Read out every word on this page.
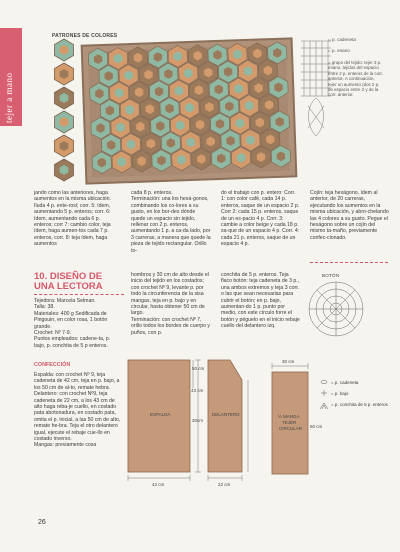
tejer a mano
PATRONES DE COLORES
= p. cadeneta
= p. enano
= grupo del tejido: tejer 3 p. enano, tejidos del espacio entre 2 p. enteros de la corr. anterior. A continuación, tejer un aumento (dos 2 p. de espacio entre 2 y de la corr. anterior.
jando como las anteriores, haga aumentos en la misma ubicación. Iluda 4 p. ente-rosl; corr. 5: ídem, aumentando 5 p. enteros; corr. 6: ídem, aumentando cada 6 p. enteros; corr 7: cambio color, teja ídem, haga aumen-tos cada 7 p. enteros, corr. 8: teja ídem, haga aumentos
cada 8 p. enteros.
Terminación: una los hexá-gonos, combinando los co-lores a su gusto, en los bor-des dónde quede un espacio sin tejido, rellenar con 2 p. enteros, aumentando 1 p. a ca-da lado, por 3 carreras, a manera que quede la pieza de tejido rectangular. Orillo to-
do el trabajo con p. entero: Corr. 1: con color café, cada 14 p. enteros, saque de un espacio 2 p. Corr 2: cada 15 p. enteros, saque de un es-pacio 4 p. Corr. 3: cambie a color beige y cada 18 p. sa-que de un espacio 4 p. Corr. 4: cada 21 p. enteros, saque de un espacio 4 p.
Cojín: teja hexágono, ídem al anterior, de 20 carreras, ejecutando los aumentos en la misma ubicación, y abro-chelando las 4 colores a su gusto. Pegue el hexágono sobre un cojín del mismo ta-maño, previamente confec-cionado.
10. DISEÑO DE UNA LECTORA
Tejedora: Marcela Selman.
Talla: 38.
Materiales: 400 g Sedificada de Pingouin, en color rosa, 1 botón grande.
Crochet: Nº 7-9.
Puntos empleados: cadene-ta, p. bajo, p. conchita de 5 p enteros.
CONFECCIÓN
Espalda: con crochet Nº 9, teja cadeneta de 42 cm, teja en p. bajo, a los 50 cm de al-to, remate hebra.
Delantero: con crochet Nº9, teja cadeneta de 22 cm, a los 43 cm de alto haga reba-je cuello, en costado pata abotonadura, en costado pata, omita el p. inicial, a las 50 cm de alto, remate he-bra. Teja el otro delantero igual, ejecute el rebaje cue-llo en costado inverso.
Mangas: previamente cosa
hombros y 30 cm de alto desde el inicio del tejido en los costados; con crochet Nº 9, levante p. por todo la circunferencia de la sisa mangas, teja en p. bajo y en circular, hasta obtener 50 cm de largo.
Terminación: con crochet Nº 7, orillo todos los bordes de cuerpo y puños, con p.
conchita de 5 p. enteros. Teja flaco botón: teja cadeneta de 3 p., una ambos extremos y teja 3 corr. o las que sean necesarias para cubrir el botón; en p. bajo, aumentan-do 1 p. punto por medio, con este círculo forre el botón y péguelo en el inicio rebaje cuello del delantero izq.
BOTÓN
ESPALDA	DELANTERO	½ MANGA
TEJER
CIRCULAR
50 cm
43 cm
30cm
42 cm	22 cm
30 cm
50 cm
= p. cadeneta
= p. bajo
= p. conchita de 5 p. enteros
26
